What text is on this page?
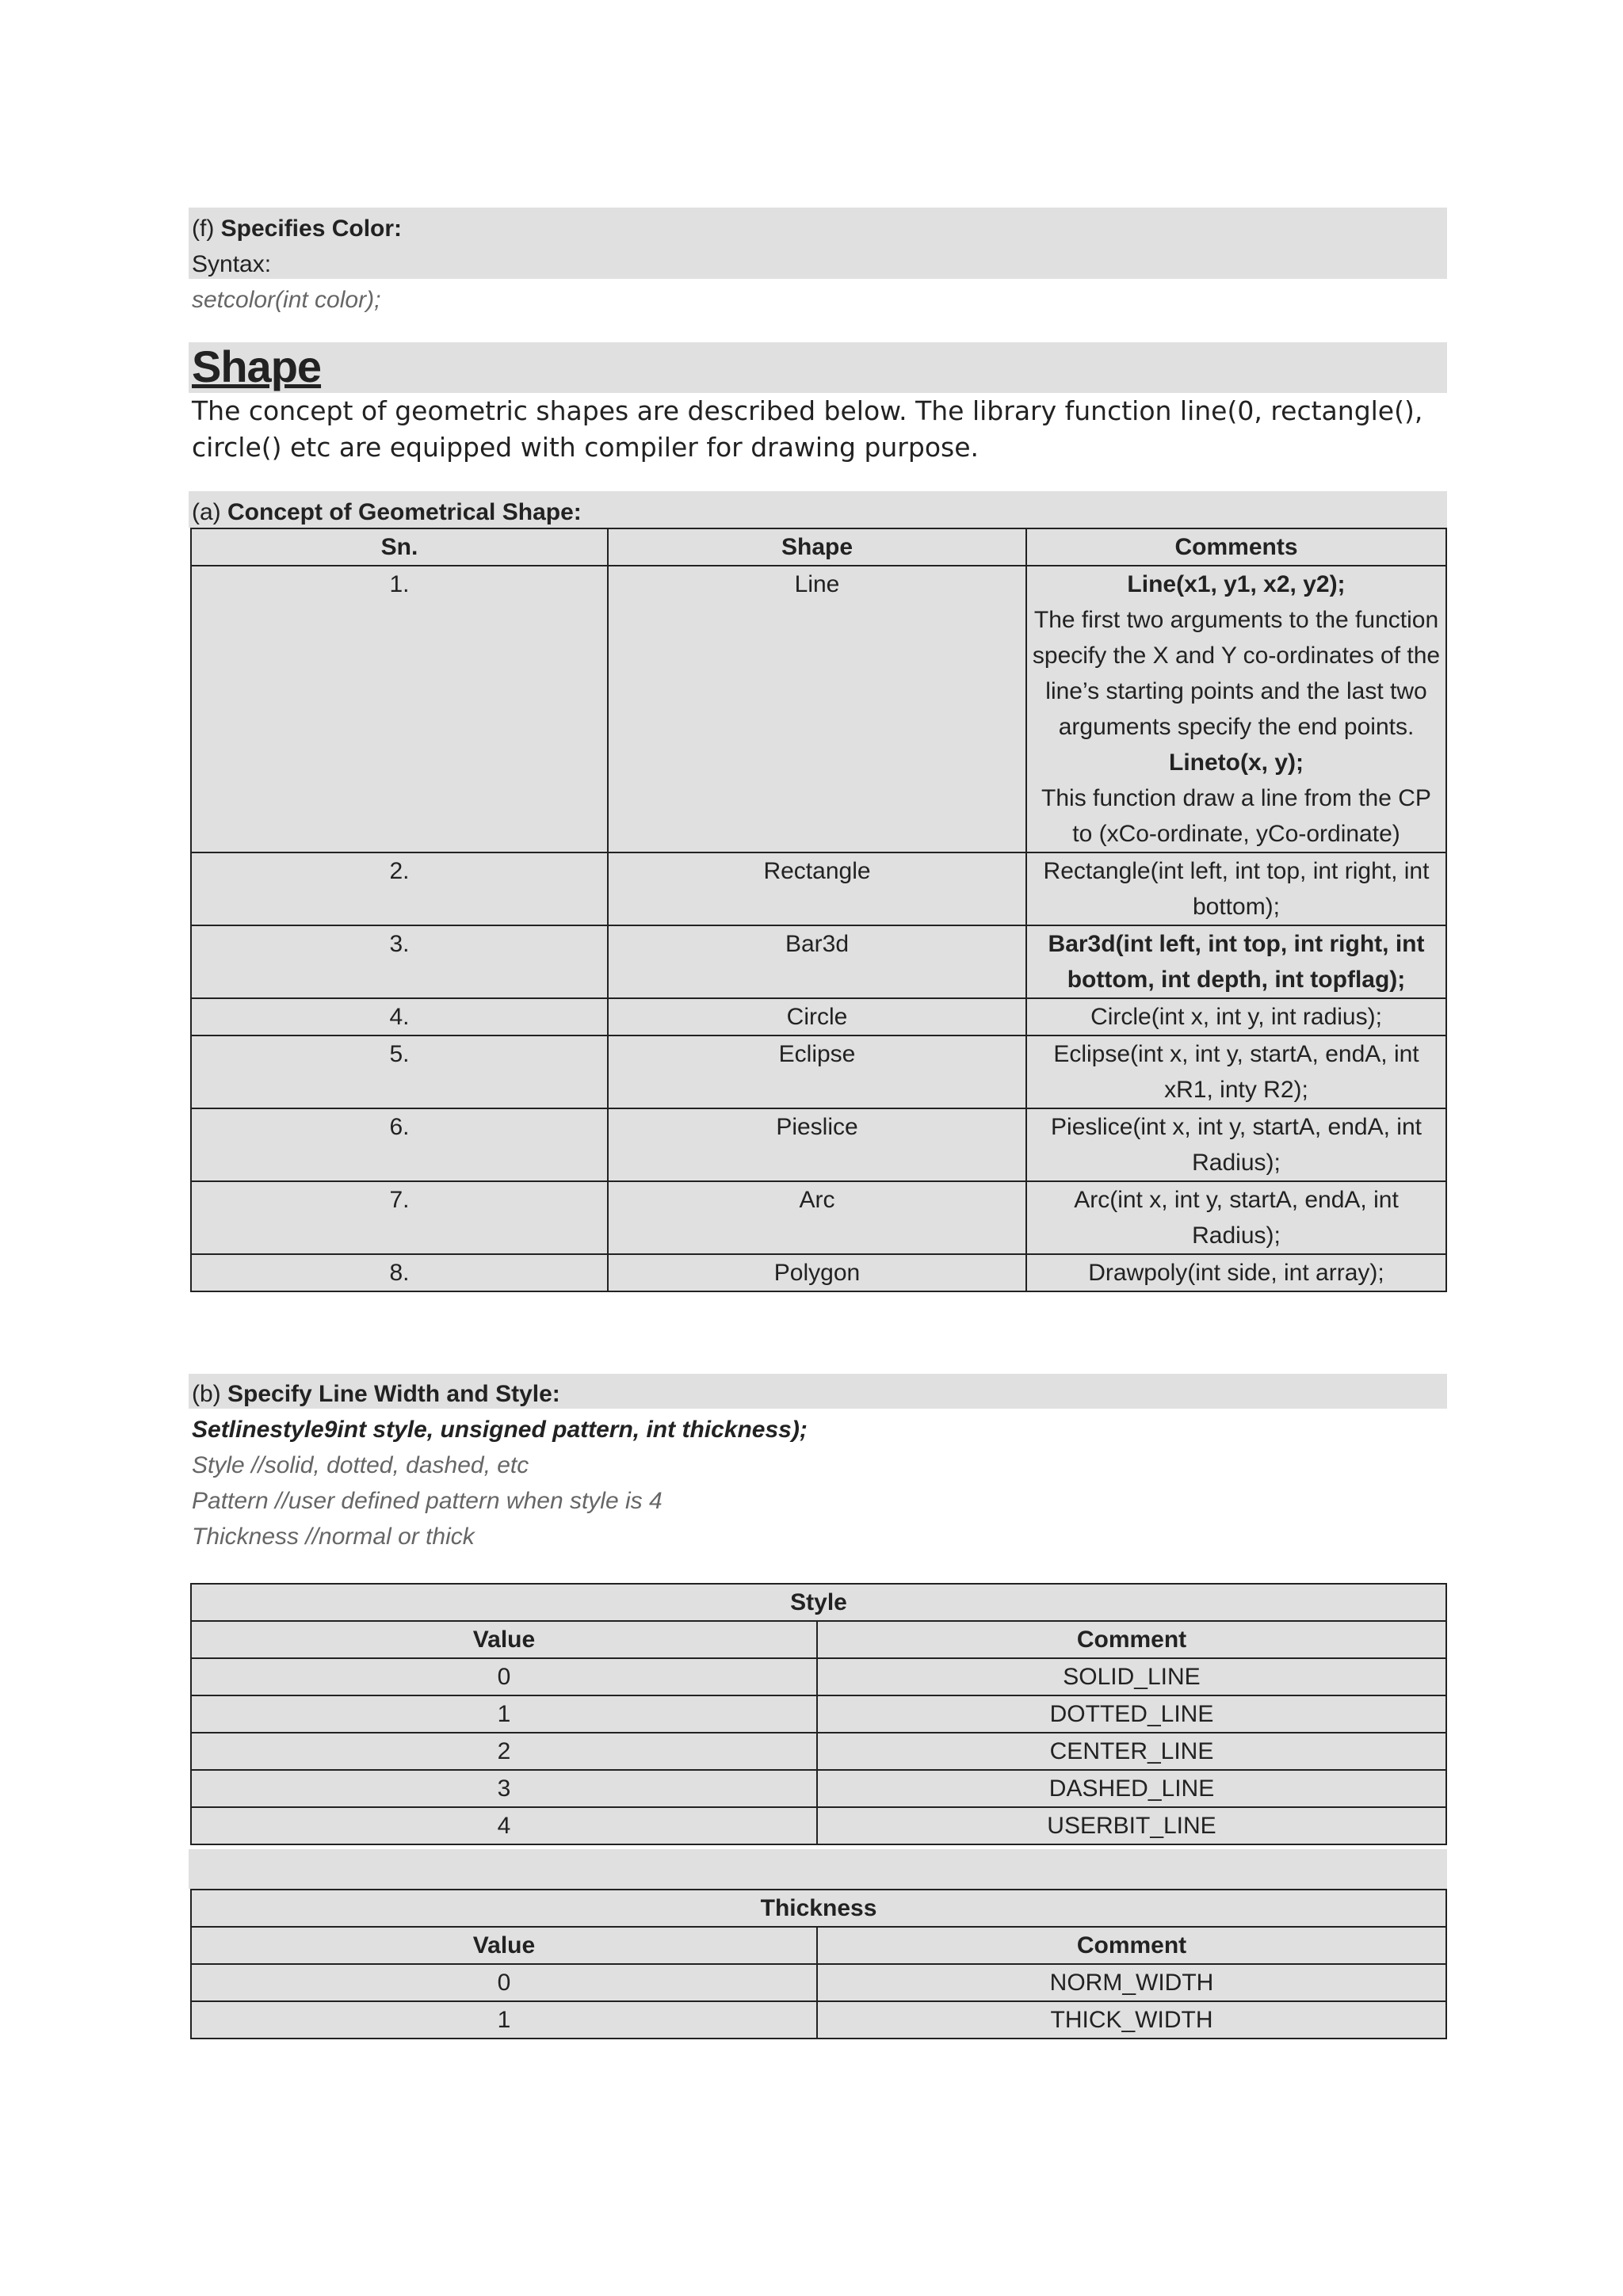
(f) Specifies Color:
Syntax:
setcolor(int color);
Shape
The concept of geometric shapes are described below. The library function line(0, rectangle(), circle() etc are equipped with compiler for drawing purpose.
(a) Concept of Geometrical Shape:
Sn.	Shape	Comments
1.	Line	Line(x1, y1, x2, y2);
The first two arguments to the function specify the X and Y co-ordinates of the line’s starting points and the last two arguments specify the end points.
Lineto(x, y);
This function draw a line from the CP to (xCo-ordinate, yCo-ordinate)

2.	Rectangle	Rectangle(int left, int top, int right, int bottom);

3.	Bar3d	Bar3d(int left, int top, int right, int bottom, int depth, int topflag);

4.	Circle	Circle(int x, int y, int radius);

5.	Eclipse	Eclipse(int x, int y, startA, endA, int xR1, inty R2);

6.	Pieslice	Pieslice(int x, int y, startA, endA, int Radius);

7.	Arc	Arc(int x, int y, startA, endA, int Radius);

8.	Polygon	Drawpoly(int side, int array);
(b) Specify Line Width and Style:
Setlinestyle9int style, unsigned pattern, int thickness);
Style //solid, dotted, dashed, etc
Pattern //user defined pattern when style is 4
Thickness //normal or thick
Style	
Value	Comment
0	SOLID_LINE
1	DOTTED_LINE
2	CENTER_LINE
3	DASHED_LINE
4	USERBIT_LINE
Thickness	
Value	Comment
0	NORM_WIDTH
1	THICK_WIDTH
